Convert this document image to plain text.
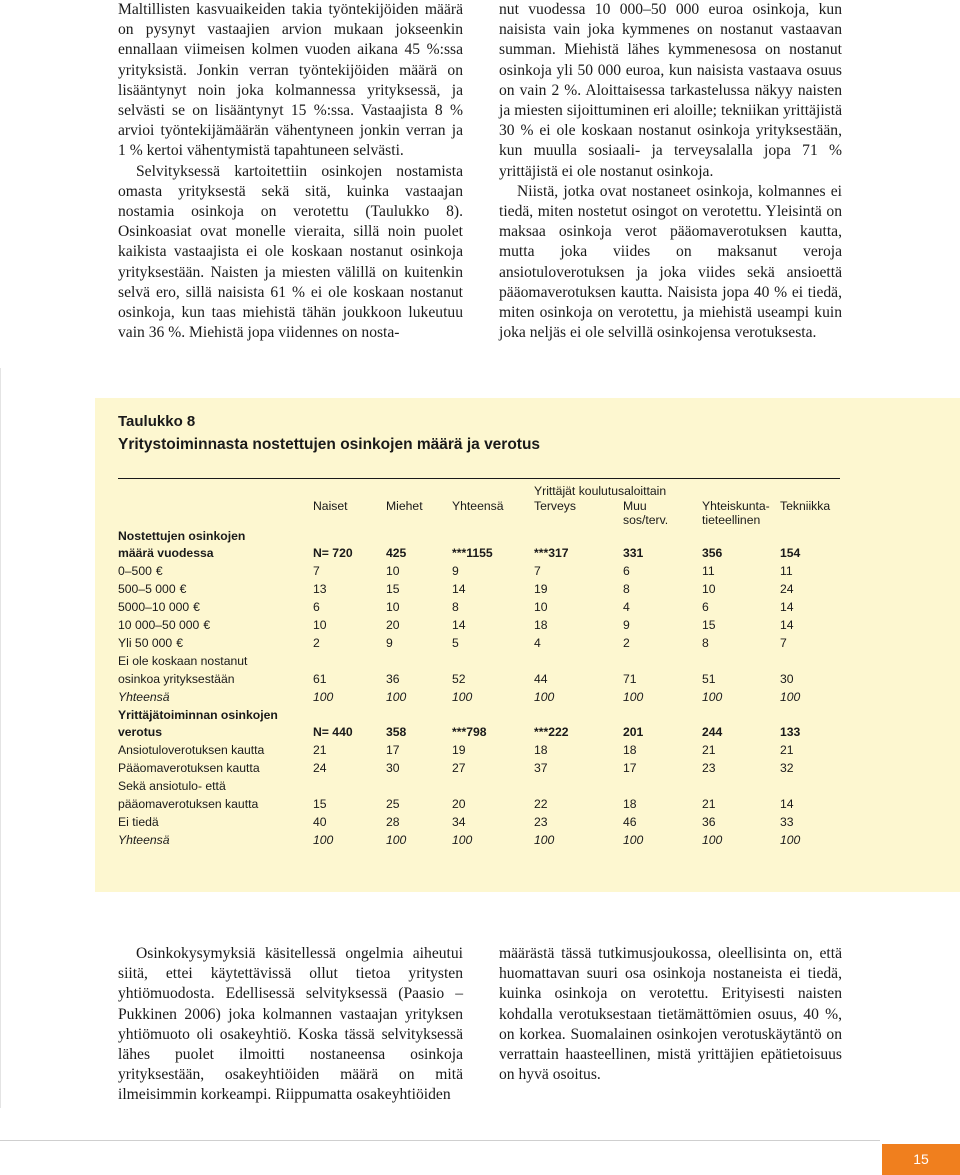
Maltillisten kasvuaikeiden takia työntekijöiden määrä on pysynyt vastaajien arvion mukaan jokseenkin ennallaan viimeisen kolmen vuoden aikana 45 %:ssa yrityksistä. Jonkin verran työntekijöiden määrä on lisääntynyt noin joka kolmannessa yrityksessä, ja selvästi se on lisääntynyt 15 %:ssa. Vastaajista 8 % arvioi työntekijämäärän vähentyneen jonkin verran ja 1 % kertoi vähentymistä tapahtuneen selvästi.

Selvityksessä kartoitettiin osinkojen nostamista omasta yrityksestä sekä sitä, kuinka vastaajan nostamia osinkoja on verotettu (Taulukko 8). Osinkoasiat ovat monelle vieraita, sillä noin puolet kaikista vastaajista ei ole koskaan nostanut osinkoja yrityksestään. Naisten ja miesten välillä on kuitenkin selvä ero, sillä naisista 61 % ei ole koskaan nostanut osinkoja, kun taas miehistä tähän joukkoon lukeutuu vain 36 %. Miehistä jopa viidennes on nosta-

nut vuodessa 10 000–50 000 euroa osinkoja, kun naisista vain joka kymmenes on nostanut vastaavan summan. Miehistä lähes kymmenesosa on nostanut osinkoja yli 50 000 euroa, kun naisista vastaava osuus on vain 2 %. Aloittaisessa tarkastelussa näkyy naisten ja miesten sijoittuminen eri aloille; tekniikan yrittäjistä 30 % ei ole koskaan nostanut osinkoja yrityksestään, kun muulla sosiaali- ja terveysalalla jopa 71 % yrittäjistä ei ole nostanut osinkoja.

Niistä, jotka ovat nostaneet osinkoja, kolmannes ei tiedä, miten nostetut osingot on verotettu. Yleisintä on maksaa osinkoja verot pääomaverotuksen kautta, mutta joka viides on maksanut veroja ansiotuloverotuksen ja joka viides sekä ansioettä pääomaverotuksen kautta. Naisista jopa 40 % ei tiedä, miten osinkoja on verotettu, ja miehistä useampi kuin joka neljäs ei ole selvillä osinkojensa verotuksesta.

Taulukko 8
Yritystoiminnasta nostettujen osinkojen määrä ja verotus
				Yrittäjät koulutusaloittain			
	Naiset	Miehet	Yhteensä	Terveys	Muu	Yhteiskunta-	Tekniikka
					sos/terv.	tieteellinen	
Nostettujen osinkojen							
määrä vuodessa	N= 720	425	***1155	***317	331	356	154
0–500 €	7	10	9	7	6	11	11
500–5 000 €	13	15	14	19	8	10	24
5000–10 000 €	6	10	8	10	4	6	14
10 000–50 000 €	10	20	14	18	9	15	14
Yli 50 000 €	2	9	5	4	2	8	7
Ei ole koskaan nostanut							
osinkoa yrityksestään	61	36	52	44	71	51	30
Yhteensä	100	100	100	100	100	100	100
Yrittäjätoiminnan osinkojen							
verotus	N= 440	358	***798	***222	201	244	133
Ansiotuloverotuksen kautta	21	17	19	18	18	21	21
Pääomaverotuksen kautta	24	30	27	37	17	23	32
Sekä ansiotulo- että							
pääomaverotuksen kautta	15	25	20	22	18	21	14
Ei tiedä	40	28	34	23	46	36	33
Yhteensä	100	100	100	100	100	100	100

Osinkokysymyksiä käsitellessä ongelmia aiheutui siitä, ettei käytettävissä ollut tietoa yritysten yhtiömuodosta. Edellisessä selvityksessä (Paasio – Pukkinen 2006) joka kolmannen vastaajan yrityksen yhtiömuoto oli osakeyhtiö. Koska tässä selvityksessä lähes puolet ilmoitti nostaneensa osinkoja yrityksestään, osakeyhtiöiden määrä on mitä ilmeisimmin korkeampi. Riippumatta osakeyhtiöiden

määrästä tässä tutkimusjoukossa, oleellisinta on, että huomattavan suuri osa osinkoja nostaneista ei tiedä, kuinka osinkoja on verotettu. Erityisesti naisten kohdalla verotuksestaan tietämättömien osuus, 40 %, on korkea. Suomalainen osinkojen verotuskäytäntö on verrattain haasteellinen, mistä yrittäjien epätietoisuus on hyvä osoitus.

15
